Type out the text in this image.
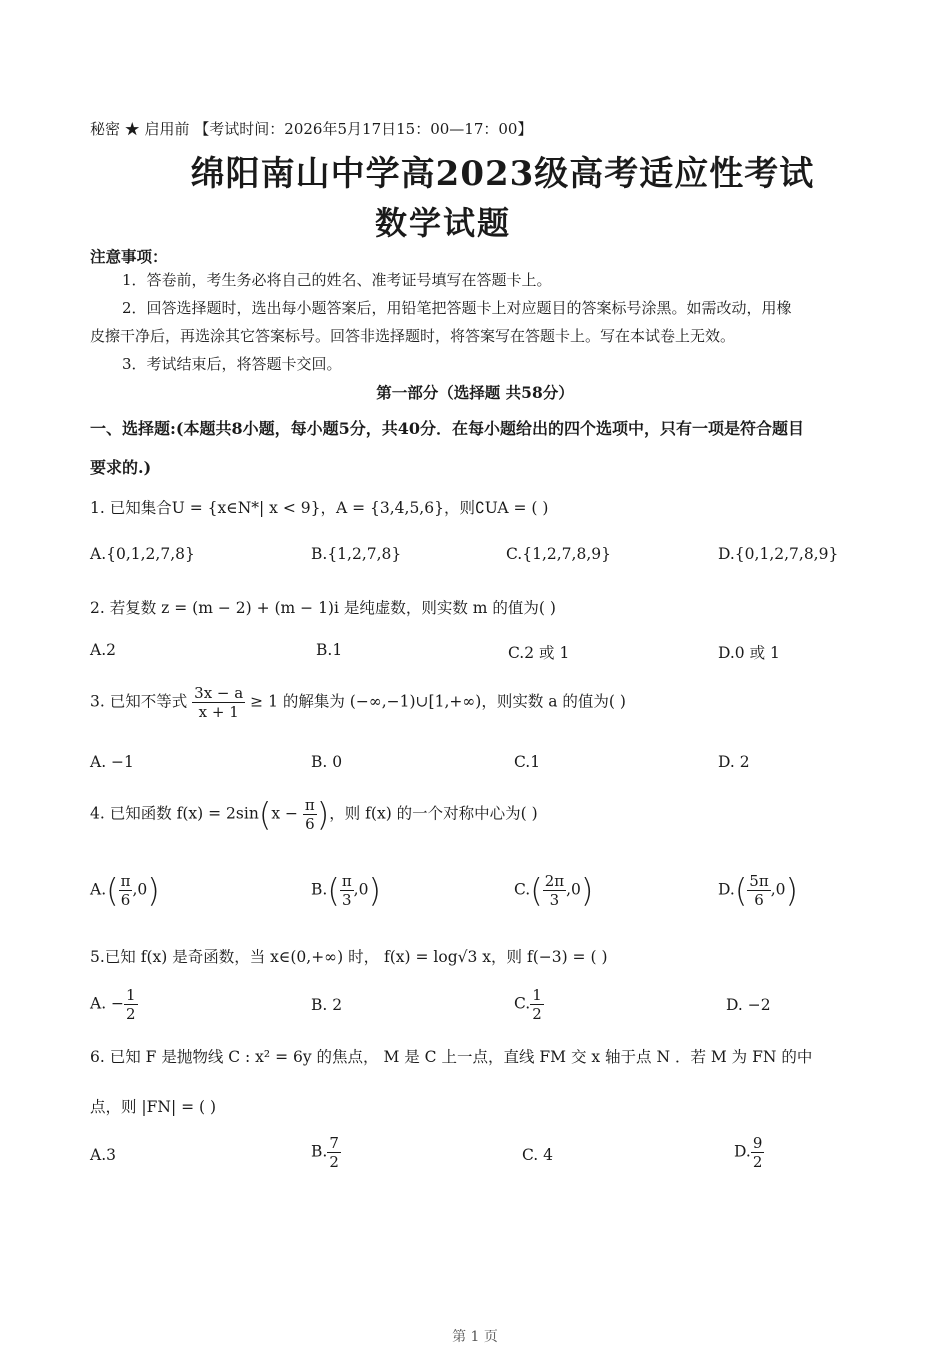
秘密 ★ 启用前 【考试时间：2026年5月17日15：00—17：00】
绵阳南山中学高2023级高考适应性考试
数学试题
注意事项：
1．答卷前，考生务必将自己的姓名、准考证号填写在答题卡上。
2．回答选择题时，选出每小题答案后，用铅笔把答题卡上对应题目的答案标号涂黑。如需改动，用橡
皮擦干净后，再选涂其它答案标号。回答非选择题时，将答案写在答题卡上。写在本试卷上无效。
3．考试结束后，将答题卡交回。
第一部分（选择题 共58分）
一、选择题:(本题共8小题，每小题5分，共40分．在每小题给出的四个选项中，只有一项是符合题目
要求的.)
1. 已知集合U = {x∈N*| x < 9}，A = {3,4,5,6}，则∁UA = ( )
A.{0,1,2,7,8}	B.{1,2,7,8}	C.{1,2,7,8,9}	D.{0,1,2,7,8,9}
2. 若复数 z = (m − 2) + (m − 1)i 是纯虚数，则实数 m 的值为( )
A.2	B.1	C.2 或 1	D.0 或 1
3. 已知不等式 $\frac{3x - a}{x + 1} \ge 1$ 的解集为 (−∞,−1)∪[1,+∞)，则实数 a 的值为( )
A. −1	B. 0	C.1	D. 2
4. 已知函数 $f(x) = 2\sin(x - \frac{\pi}{6}$ )，则 f(x) 的一个对称中心为( )
$A.( \frac{\pi}{6} ,0)$	$B.( \frac{\pi}{3} ,0)$	$C.( \frac{2\pi}{3} ,0)$	$D.( \frac{5\pi}{6} ,0)$
5.已知 f(x) 是奇函数，当 x∈(0,+∞) 时， f(x) = log√3 x，则 f(−3) = ( )
A. − $\frac{1}{2}$	B. 2	C. $\frac{1}{2}$	D. −2
6. 已知 F 是抛物线 C : x² = 6y 的焦点， M 是 C 上一点，直线 FM 交 x 轴于点 N ．若 M 为 FN 的中
点，则 |FN| = ( )
A.3	B. $\frac{7}{2}$	C. 4	D. $\frac{9}{2}$
第 1 页
